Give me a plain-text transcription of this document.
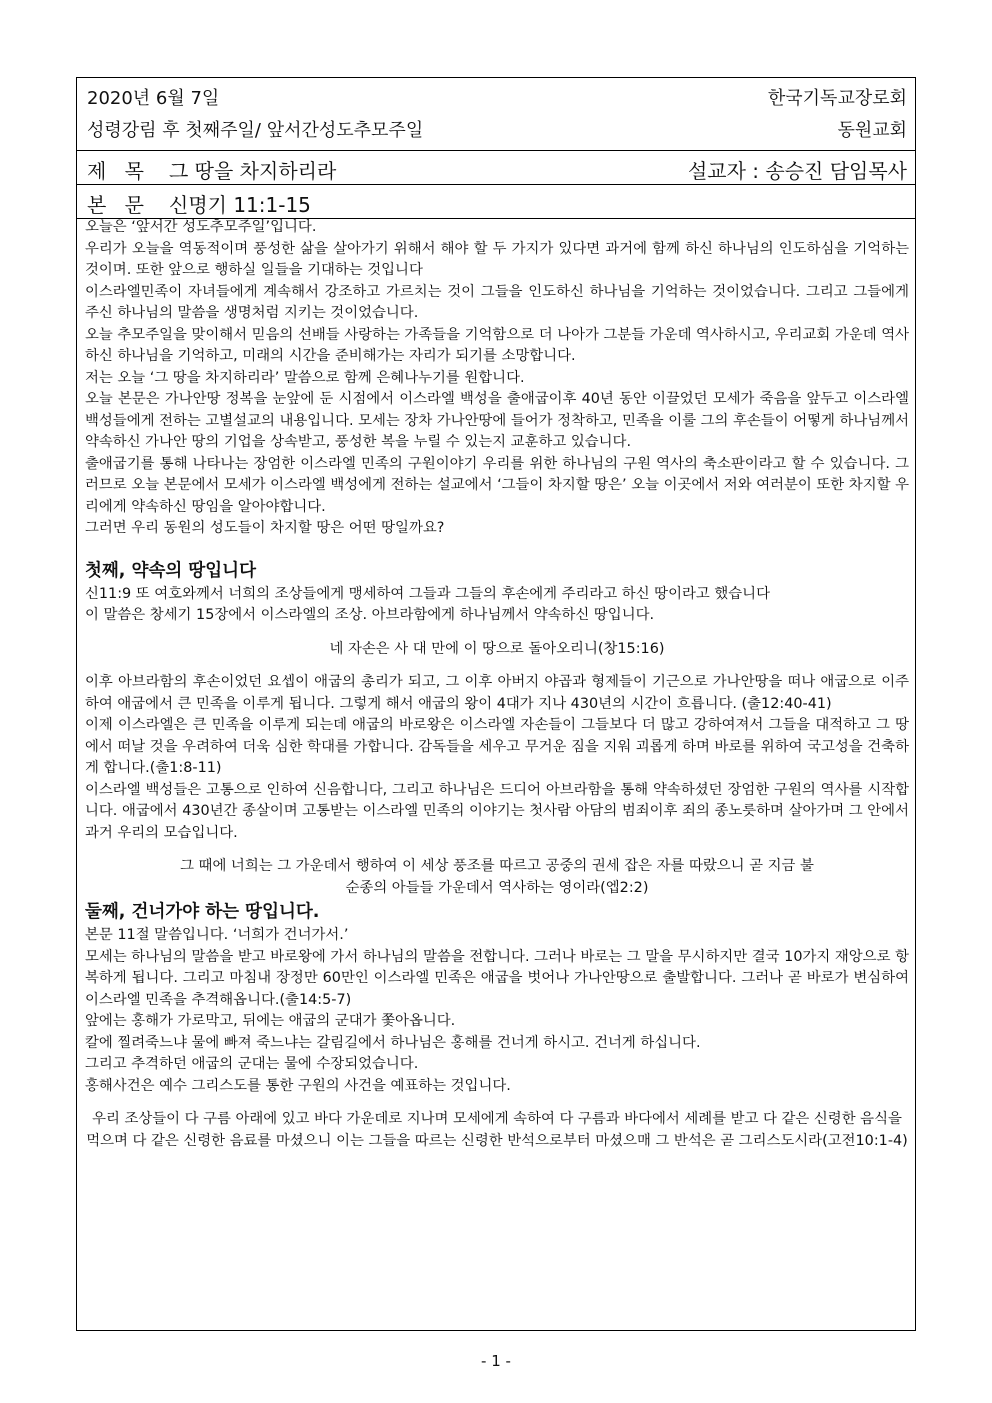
2020년 6월 7일
성령강림 후 첫째주일/ 앞서간성도추모주일
한국기독교장로회
동원교회
제 목 그 땅을 차지하리라	설교자 : 송승진 담임목사
본 문 신명기 11:1-15

오늘은 ‘앞서간 성도추모주일’입니다.

우리가 오늘을 역동적이며 풍성한 삶을 살아가기 위해서 해야 할 두 가지가 있다면 과거에 함께 하신 하나님의 인도하심을 기억하는 것이며. 또한 앞으로 행하실 일들을 기대하는 것입니다

이스라엘민족이 자녀들에게 계속해서 강조하고 가르치는 것이 그들을 인도하신 하나님을 기억하는 것이었습니다. 그리고 그들에게 주신 하나님의 말씀을 생명처럼 지키는 것이었습니다.

오늘 추모주일을 맞이해서 믿음의 선배들 사랑하는 가족들을 기억함으로 더 나아가 그분들 가운데 역사하시고, 우리교회 가운데 역사하신 하나님을 기억하고, 미래의 시간을 준비해가는 자리가 되기를 소망합니다.

저는 오늘 ‘그 땅을 차지하리라’ 말씀으로 함께 은혜나누기를 원합니다.

오늘 본문은 가나안땅 정복을 눈앞에 둔 시점에서 이스라엘 백성을 출애굽이후 40년 동안 이끌었던 모세가 죽음을 앞두고 이스라엘 백성들에게 전하는 고별설교의 내용입니다. 모세는 장차 가나안땅에 들어가 정착하고, 민족을 이룰 그의 후손들이 어떻게 하나님께서 약속하신 가나안 땅의 기업을 상속받고, 풍성한 복을 누릴 수 있는지 교훈하고 있습니다.

출애굽기를 통해 나타나는 장엄한 이스라엘 민족의 구원이야기 우리를 위한 하나님의 구원 역사의 축소판이라고 할 수 있습니다. 그러므로 오늘 본문에서 모세가 이스라엘 백성에게 전하는 설교에서 ‘그들이 차지할 땅은’ 오늘 이곳에서 저와 여러분이 또한 차지할 우리에게 약속하신 땅임을 알아야합니다.

그러면 우리 동원의 성도들이 차지할 땅은 어떤 땅일까요?

첫째, 약속의 땅입니다

신11:9 또 여호와께서 너희의 조상들에게 맹세하여 그들과 그들의 후손에게 주리라고 하신 땅이라고 했습니다

이 말씀은 창세기 15장에서 이스라엘의 조상. 아브라함에게 하나님께서 약속하신 땅입니다.

네 자손은 사 대 만에 이 땅으로 돌아오리니(창15:16)

이후 아브라함의 후손이었던 요셉이 애굽의 총리가 되고, 그 이후 아버지 야곱과 형제들이 기근으로 가나안땅을 떠나 애굽으로 이주하여 애굽에서 큰 민족을 이루게 됩니다. 그렇게 해서 애굽의 왕이 4대가 지나 430년의 시간이 흐릅니다. (출12:40-41)

이제 이스라엘은 큰 민족을 이루게 되는데 애굽의 바로왕은 이스라엘 자손들이 그들보다 더 많고 강하여져서 그들을 대적하고 그 땅에서 떠날 것을 우려하여 더욱 심한 학대를 가합니다. 감독들을 세우고 무거운 짐을 지워 괴롭게 하며 바로를 위하여 국고성을 건축하게 합니다.(출1:8-11)

이스라엘 백성들은 고통으로 인하여 신음합니다, 그리고 하나님은 드디어 아브라함을 통해 약속하셨던 장엄한 구원의 역사를 시작합니다. 애굽에서 430년간 종살이며 고통받는 이스라엘 민족의 이야기는 첫사람 아담의 범죄이후 죄의 종노릇하며 살아가며 그 안에서 과거 우리의 모습입니다.

그 때에 너희는 그 가운데서 행하여 이 세상 풍조를 따르고 공중의 권세 잡은 자를 따랐으니 곧 지금 불

순종의 아들들 가운데서 역사하는 영이라(엡2:2)

둘째, 건너가야 하는 땅입니다.

본문 11절 말씀입니다. ‘너희가 건너가서.’

모세는 하나님의 말씀을 받고 바로왕에 가서 하나님의 말씀을 전합니다. 그러나 바로는 그 말을 무시하지만 결국 10가지 재앙으로 항복하게 됩니다. 그리고 마침내 장정만 60만인 이스라엘 민족은 애굽을 벗어나 가나안땅으로 출발합니다. 그러나 곧 바로가 변심하여 이스라엘 민족을 추격해옵니다.(출14:5-7)

앞에는 홍해가 가로막고, 뒤에는 애굽의 군대가 쫓아옵니다.

칼에 찔려죽느냐 물에 빠져 죽느냐는 갈림길에서 하나님은 홍해를 건너게 하시고. 건너게 하십니다.

그리고 추격하던 애굽의 군대는 물에 수장되었습니다.

홍해사건은 예수 그리스도를 통한 구원의 사건을 예표하는 것입니다.

우리 조상들이 다 구름 아래에 있고 바다 가운데로 지나며 모세에게 속하여 다 구름과 바다에서 세례를 받고 다 같은 신령한 음식을 먹으며 다 같은 신령한 음료를 마셨으니 이는 그들을 따르는 신령한 반석으로부터 마셨으매 그 반석은 곧 그리스도시라(고전10:1-4)

- 1 -
